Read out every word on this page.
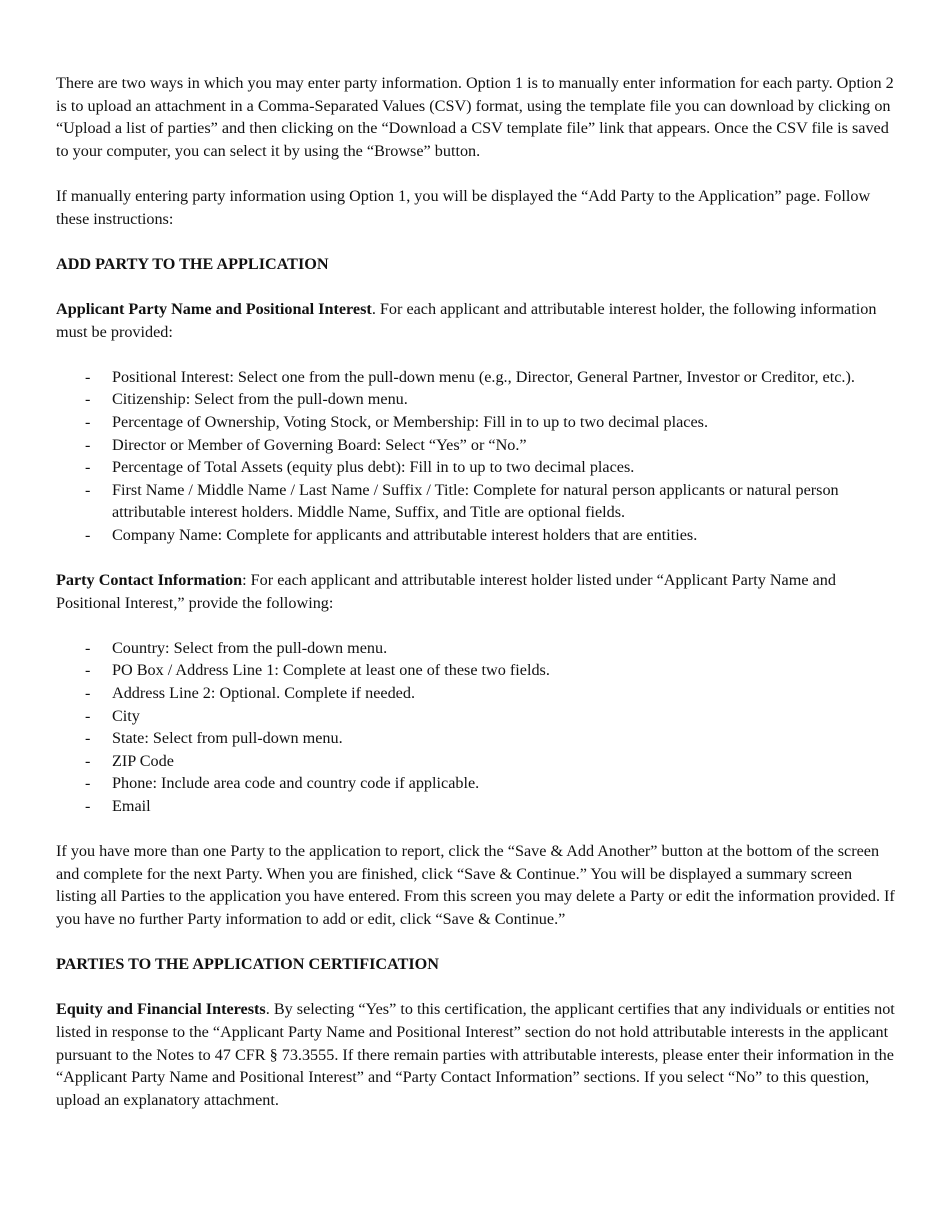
There are two ways in which you may enter party information. Option 1 is to manually enter information for each party. Option 2 is to upload an attachment in a Comma-Separated Values (CSV) format, using the template file you can download by clicking on “Upload a list of parties” and then clicking on the “Download a CSV template file” link that appears. Once the CSV file is saved to your computer, you can select it by using the “Browse” button.

If manually entering party information using Option 1, you will be displayed the “Add Party to the Application” page. Follow these instructions:

ADD PARTY TO THE APPLICATION

Applicant Party Name and Positional Interest. For each applicant and attributable interest holder, the following information must be provided:

- Positional Interest: Select one from the pull-down menu (e.g., Director, General Partner, Investor or Creditor, etc.).
- Citizenship: Select from the pull-down menu.
- Percentage of Ownership, Voting Stock, or Membership: Fill in to up to two decimal places.
- Director or Member of Governing Board: Select “Yes” or “No.”
- Percentage of Total Assets (equity plus debt): Fill in to up to two decimal places.
- First Name / Middle Name / Last Name / Suffix / Title: Complete for natural person applicants or natural person attributable interest holders. Middle Name, Suffix, and Title are optional fields.
- Company Name: Complete for applicants and attributable interest holders that are entities.

Party Contact Information: For each applicant and attributable interest holder listed under “Applicant Party Name and Positional Interest,” provide the following:

- Country: Select from the pull-down menu.
- PO Box / Address Line 1: Complete at least one of these two fields.
- Address Line 2: Optional. Complete if needed.
- City
- State: Select from pull-down menu.
- ZIP Code
- Phone: Include area code and country code if applicable.
- Email

If you have more than one Party to the application to report, click the “Save & Add Another” button at the bottom of the screen and complete for the next Party. When you are finished, click “Save & Continue.” You will be displayed a summary screen listing all Parties to the application you have entered. From this screen you may delete a Party or edit the information provided. If you have no further Party information to add or edit, click “Save & Continue.”

PARTIES TO THE APPLICATION CERTIFICATION

Equity and Financial Interests. By selecting “Yes” to this certification, the applicant certifies that any individuals or entities not listed in response to the “Applicant Party Name and Positional Interest” section do not hold attributable interests in the applicant pursuant to the Notes to 47 CFR § 73.3555. If there remain parties with attributable interests, please enter their information in the “Applicant Party Name and Positional Interest” and “Party Contact Information” sections. If you select “No” to this question, upload an explanatory attachment.
